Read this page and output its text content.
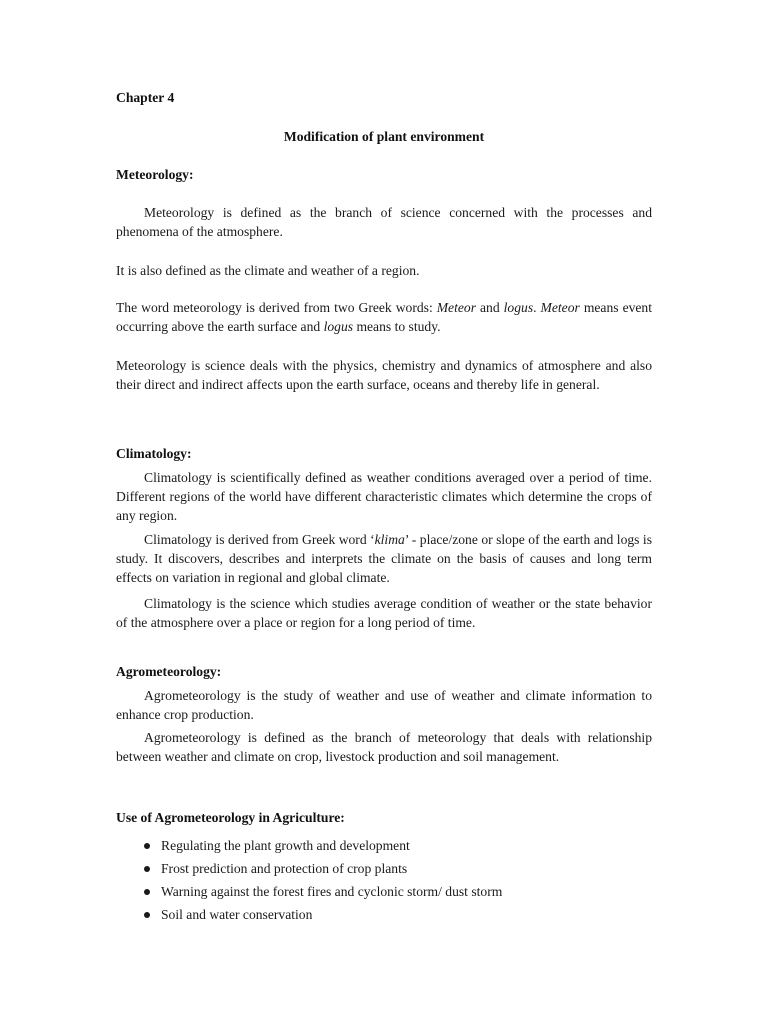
Chapter 4

Modification of plant environment

Meteorology:

Meteorology is defined as the branch of science concerned with the processes and phenomena of the atmosphere.

It is also defined as the climate and weather of a region.

The word meteorology is derived from two Greek words: Meteor and logus. Meteor means event occurring above the earth surface and logus means to study.

Meteorology is science deals with the physics, chemistry and dynamics of atmosphere and also their direct and indirect affects upon the earth surface, oceans and thereby life in general.

Climatology:

Climatology is scientifically defined as weather conditions averaged over a period of time. Different regions of the world have different characteristic climates which determine the crops of any region.

Climatology is derived from Greek word ‘klima’ - place/zone or slope of the earth and logs is study. It discovers, describes and interprets the climate on the basis of causes and long term effects on variation in regional and global climate.

Climatology is the science which studies average condition of weather or the state behavior of the atmosphere over a place or region for a long period of time.

Agrometeorology:

Agrometeorology is the study of weather and use of weather and climate information to enhance crop production.

Agrometeorology is defined as the branch of meteorology that deals with relationship between weather and climate on crop, livestock production and soil management.

Use of Agrometeorology in Agriculture:

Regulating the plant growth and development
Frost prediction and protection of crop plants
Warning against the forest fires and cyclonic storm/ dust storm
Soil and water conservation
